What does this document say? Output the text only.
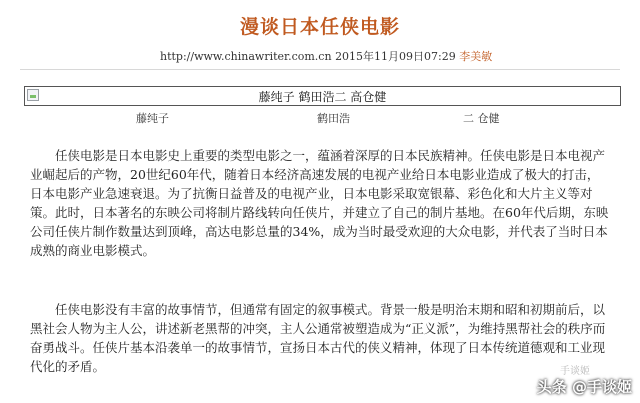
漫谈日本任侠电影
http://www.chinawriter.com.cn 2015年11月09日07:29 李美敏
藤纯子 鹤田浩二 高仓健
藤纯子	鹤田浩	二 仓健

任侠电影是日本电影史上重要的类型电影之一，蕴涵着深厚的日本民族精神。任侠电影是日本电视产业崛起后的产物，20世纪60年代，随着日本经济高速发展的电视产业给日本电影业造成了极大的打击，日本电影产业急速衰退。为了抗衡日益普及的电视产业，日本电影采取宽银幕、彩色化和大片主义等对策。此时，日本著名的东映公司将制片路线转向任侠片，并建立了自己的制片基地。在60年代后期，东映公司任侠片制作数量达到顶峰，高达电影总量的34%，成为当时最受欢迎的大众电影，并代表了当时日本成熟的商业电影模式。

任侠电影没有丰富的故事情节，但通常有固定的叙事模式。背景一般是明治末期和昭和初期前后，以黑社会人物为主人公，讲述新老黑帮的冲突，主人公通常被塑造成为“正义派”，为维持黑帮社会的秩序而奋勇战斗。任侠片基本沿袭单一的故事情节，宣扬日本古代的侠义精神，体现了日本传统道德观和工业现代化的矛盾。	手谈姬
头条 @手谈姬
